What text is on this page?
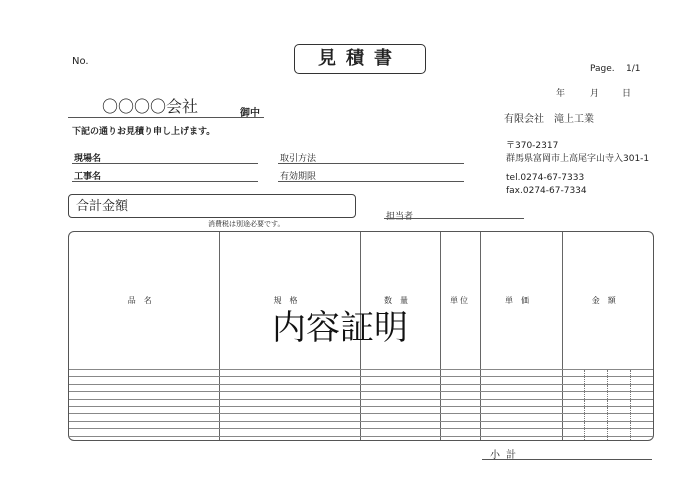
No.	見積書	Page. 1/1
年	月	日
〇〇〇〇会社	御中
下記の通りお見積り申し上げます。
有限会社　滝上工業
〒370-2317
群馬県富岡市上高尾字山寺入301-1
tel.0274-67-7333
fax.0274-67-7334
現場名
工事名
取引方法
有効期限
合計金額
消費税は別途必要です。
担当者
品名	規格	数量	単位	単価	金額

内容証明
小計
